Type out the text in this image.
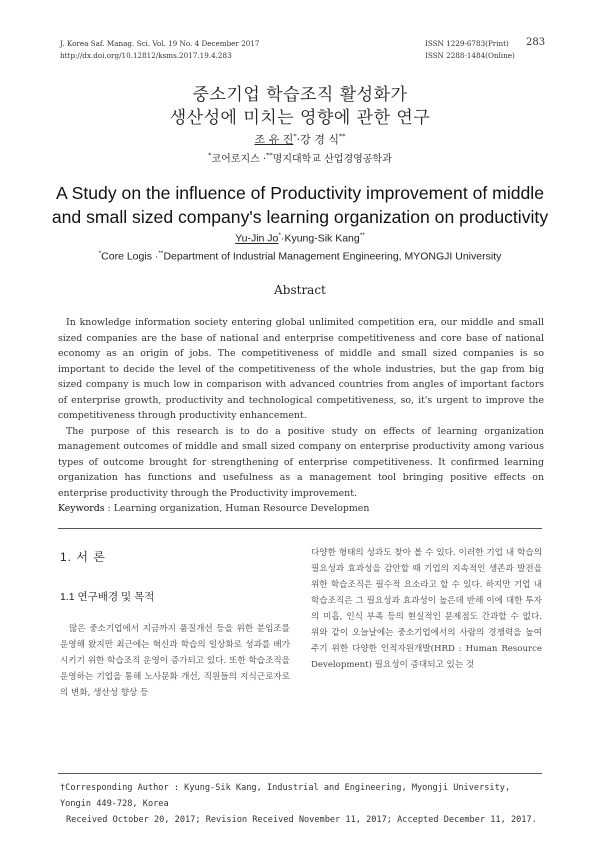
J. Korea Saf. Manag. Sci. Vol. 19 No. 4 December 2017
http://dx.doi.org/10.12812/ksms.2017.19.4.283
ISSN 1229-6783(Print)
ISSN 2288-1484(Online)
283
중소기업 학습조직 활성화가
생산성에 미치는 영향에 관한 연구
조 유 진*·강 경 식**
*코어로지스 ·**명지대학교 산업경영공학과
A Study on the influence of Productivity improvement of middle
and small sized company's learning organization on productivity
Yu-Jin Jo*·Kyung-Sik Kang**
*Core Logis ·**Department of Industrial Management Engineering, MYONGJI University
Abstract

In knowledge information society entering global unlimited competition era, our middle and small sized companies are the base of national and enterprise competitiveness and core base of national economy as an origin of jobs. The competitiveness of middle and small sized companies is so important to decide the level of the competitiveness of the whole industries, but the gap from big sized company is much low in comparison with advanced countries from angles of important factors of enterprise growth, productivity and technological competitiveness, so, it's urgent to improve the competitiveness through productivity enhancement.

The purpose of this research is to do a positive study on effects of learning organization management outcomes of middle and small sized company on enterprise productivity among various types of outcome brought for strengthening of enterprise competitiveness. It confirmed learning organization has functions and usefulness as a management tool bringing positive effects on enterprise productivity through the Productivity improvement.

Keywords : Learning organization, Human Resource Developmen
1. 서 론
1.1 연구배경 및 목적

많은 중소기업에서 지금까지 품질개선 등을 위한 분임조를 운영해 왔지만 최근에는 혁신과 학습의 일상화로 성과를 배가시키기 위한 학습조직 운영이 증가되고 있다. 또한 학습조직을 운영하는 기업을 통해 노사문화 개선, 직원들의 지식근로자로의 변화, 생산성 향상 등

다양한 형태의 성과도 찾아 볼 수 있다. 이러한 기업 내 학습의 필요성과 효과성을 감안할 때 기업의 지속적인 생존과 발전을 위한 학습조직은 필수적 요소라고 할 수 있다. 하지만 기업 내 학습조직은 그 필요성과 효과성이 높은데 반해 이에 대한 투자의 미흡, 인식 부족 등의 현실적인 문제점도 간과할 수 없다. 위와 같이 오늘날에는 중소기업에서의 사람의 경쟁력을 높여 주기 위한 다양한 인적자원개발(HRD : Human Resource Development) 필요성이 증대되고 있는 것

†Corresponding Author : Kyung-Sik Kang, Industrial and Engineering, Myongji University, Yongin 449-728, Korea

Received October 20, 2017; Revision Received November 11, 2017; Accepted December 11, 2017.
